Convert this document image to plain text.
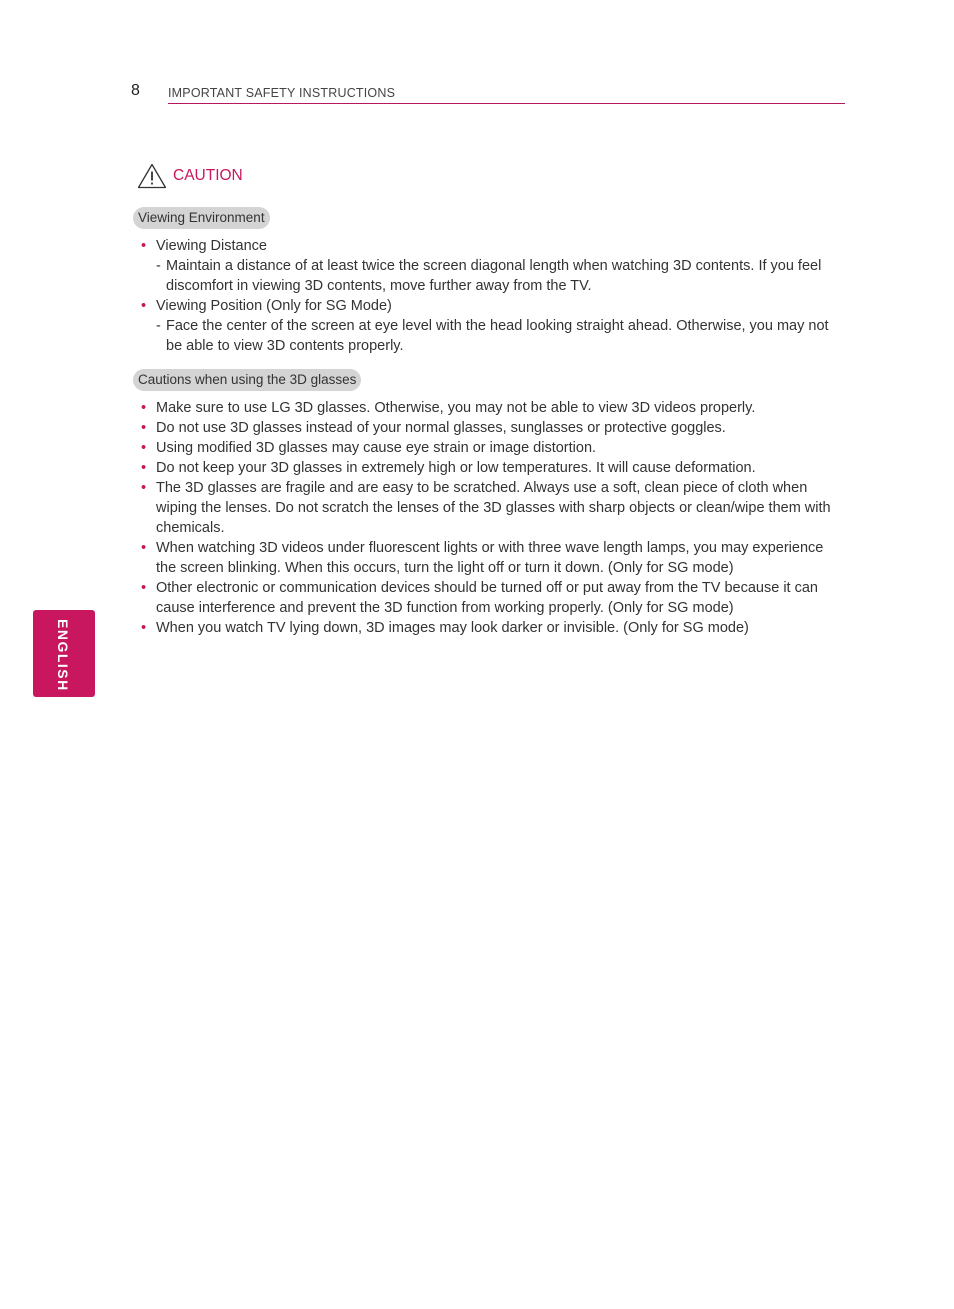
8 IMPORTANT SAFETY INSTRUCTIONS
CAUTION
Viewing Environment
• Viewing Distance
- Maintain a distance of at least twice the screen diagonal length when watching 3D contents. If you feel discomfort in viewing 3D contents, move further away from the TV.
• Viewing Position (Only for SG Mode)
- Face the center of the screen at eye level with the head looking straight ahead. Otherwise, you may not be able to view 3D contents properly.
Cautions when using the 3D glasses
• Make sure to use LG 3D glasses. Otherwise, you may not be able to view 3D videos properly.
• Do not use 3D glasses instead of your normal glasses, sunglasses or protective goggles.
• Using modified 3D glasses may cause eye strain or image distortion.
• Do not keep your 3D glasses in extremely high or low temperatures. It will cause deformation.
• The 3D glasses are fragile and are easy to be scratched. Always use a soft, clean piece of cloth when wiping the lenses. Do not scratch the lenses of the 3D glasses with sharp objects or clean/wipe them with chemicals.
• When watching 3D videos under fluorescent lights or with three wave length lamps, you may experience the screen blinking. When this occurs, turn the light off or turn it down. (Only for SG mode)
• Other electronic or communication devices should be turned off or put away from the TV because it can cause interference and prevent the 3D function from working properly. (Only for SG mode)
• When you watch TV lying down, 3D images may look darker or invisible. (Only for SG mode)
ENGLISH
